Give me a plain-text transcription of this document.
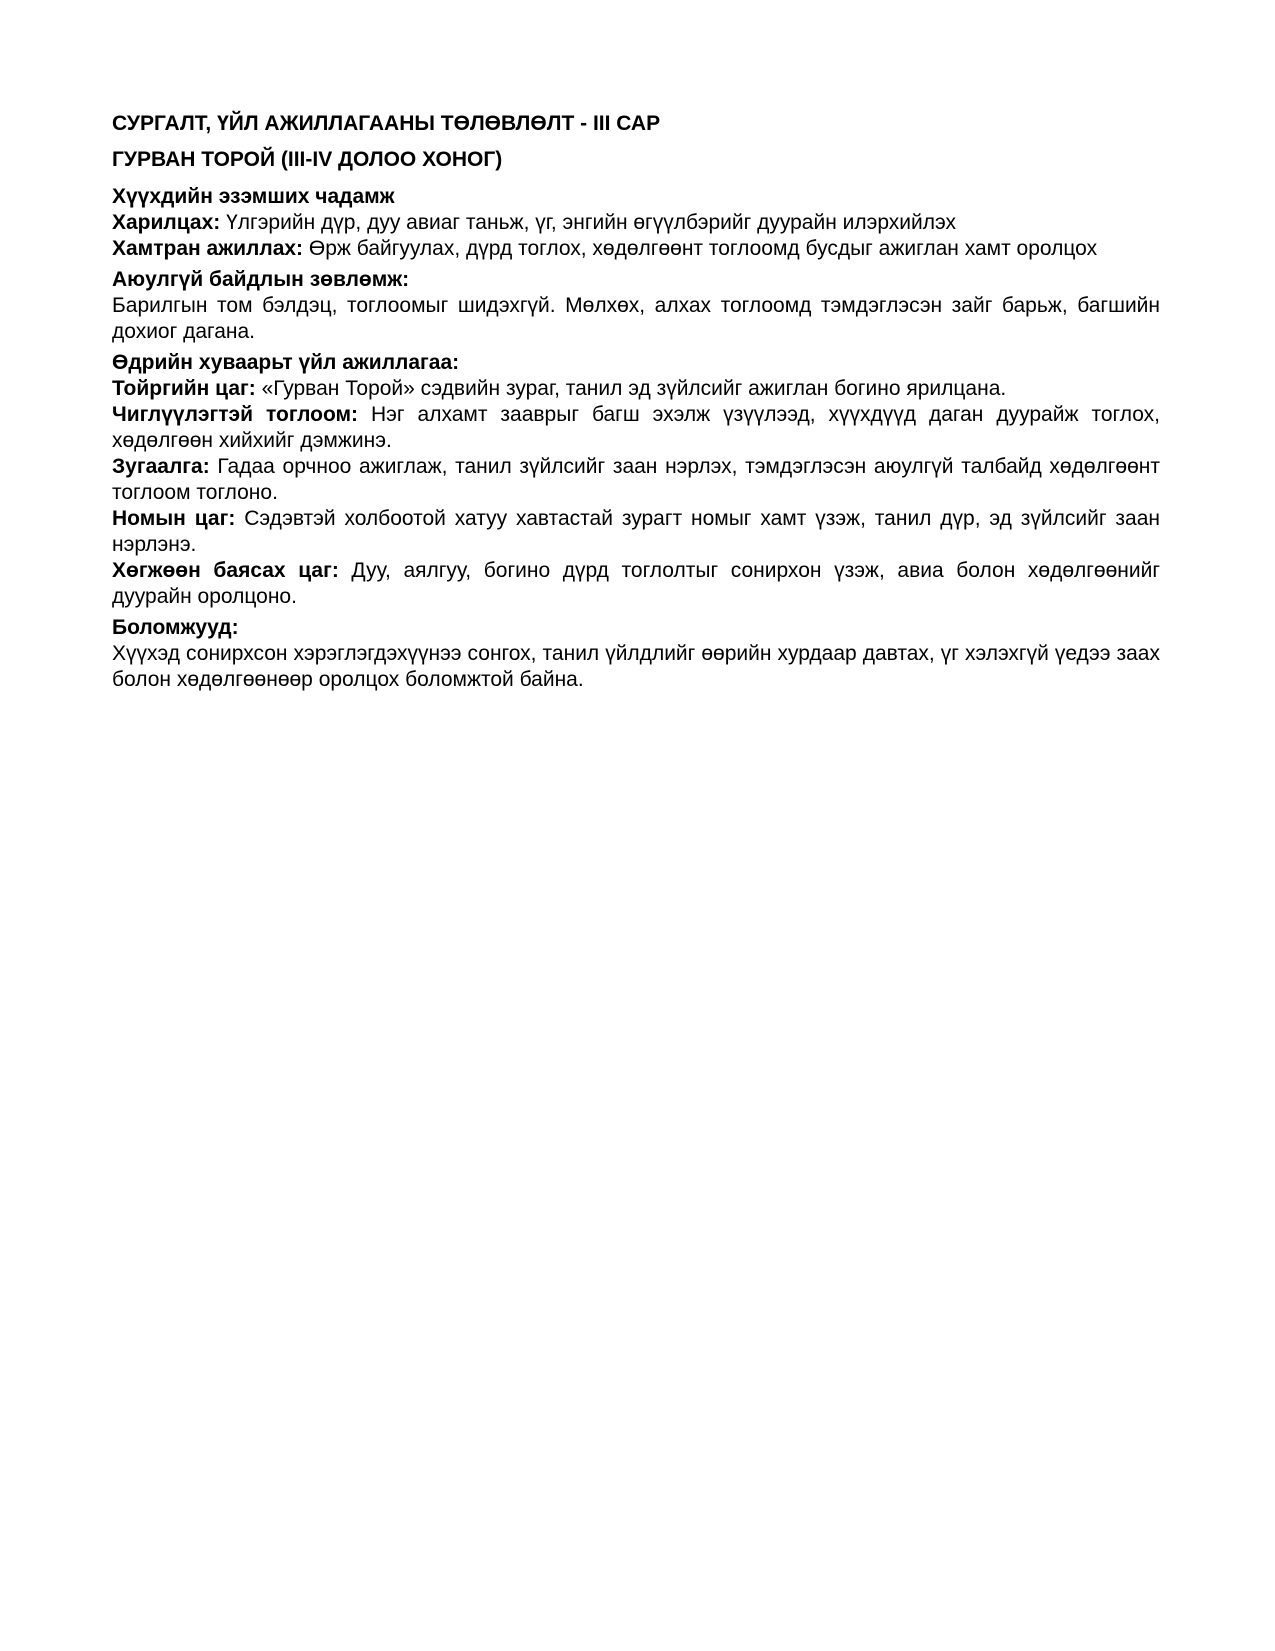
СУРГАЛТ, ҮЙЛ АЖИЛЛАГААНЫ ТӨЛӨВЛӨЛТ - III САР

ГУРВАН ТОРОЙ (III-IV ДОЛОО ХОНОГ)

Хүүхдийн эзэмших чадамж

Харилцах: Үлгэрийн дүр, дуу авиаг таньж, үг, энгийн өгүүлбэрийг дуурайн илэрхийлэх

Хамтран ажиллах: Өрж байгуулах, дүрд тоглох, хөдөлгөөнт тоглоомд бусдыг ажиглан хамт оролцох

Аюулгүй байдлын зөвлөмж:

Барилгын том бэлдэц, тоглоомыг шидэхгүй. Мөлхөх, алхах тоглоомд тэмдэглэсэн зайг барьж, багшийн дохиог дагана.

Өдрийн хуваарьт үйл ажиллагаа:

Тойргийн цаг: «Гурван Торой» сэдвийн зураг, танил эд зүйлсийг ажиглан богино ярилцана.

Чиглүүлэгтэй тоглоом: Нэг алхамт зааврыг багш эхэлж үзүүлээд, хүүхдүүд даган дуурайж тоглох, хөдөлгөөн хийхийг дэмжинэ.

Зугаалга: Гадаа орчноо ажиглаж, танил зүйлсийг заан нэрлэх, тэмдэглэсэн аюулгүй талбайд хөдөлгөөнт тоглоом тоглоно.

Номын цаг: Сэдэвтэй холбоотой хатуу хавтастай зурагт номыг хамт үзэж, танил дүр, эд зүйлсийг заан нэрлэнэ.

Хөгжөөн баясах цаг: Дуу, аялгуу, богино дүрд тоглолтыг сонирхон үзэж, авиа болон хөдөлгөөнийг дуурайн оролцоно.

Боломжууд:

Хүүхэд сонирхсон хэрэглэгдэхүүнээ сонгох, танил үйлдлийг өөрийн хурдаар давтах, үг хэлэхгүй үедээ заах болон хөдөлгөөнөөр оролцох боломжтой байна.
